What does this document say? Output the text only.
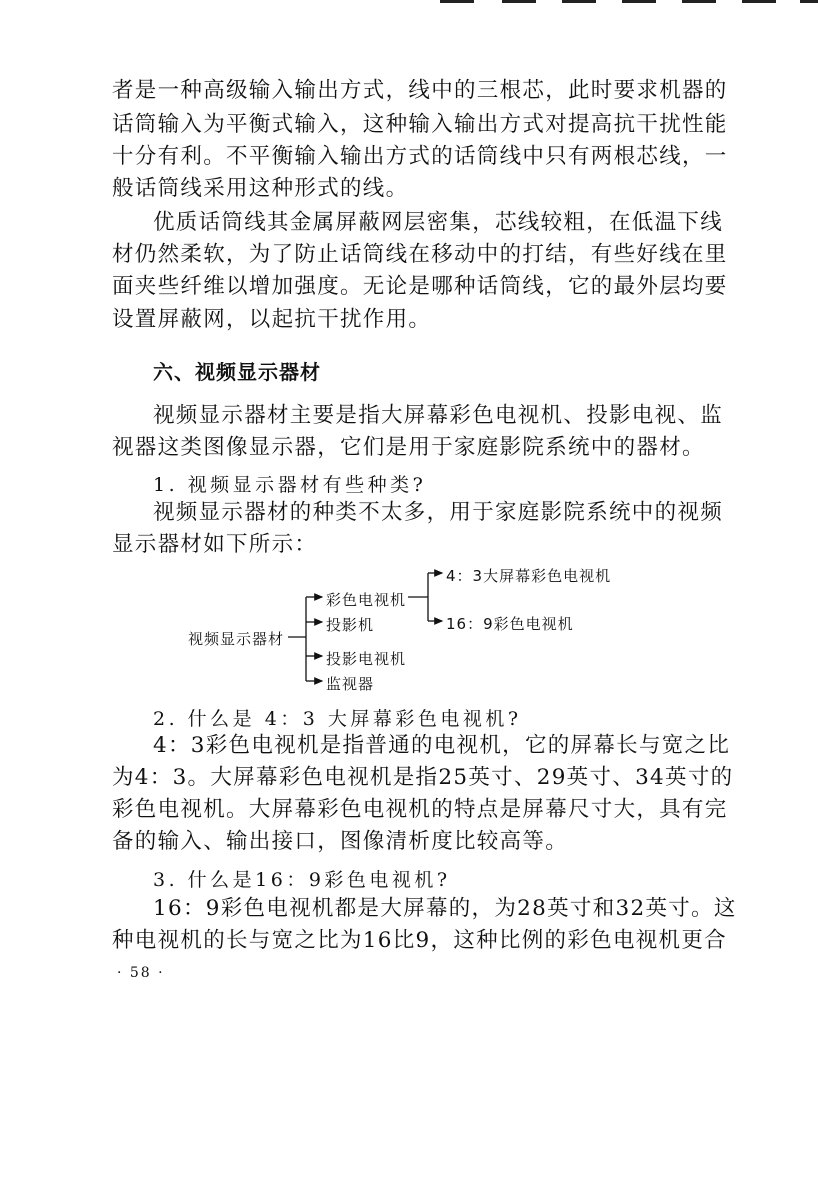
者是一种高级输入输出方式，线中的三根芯，此时要求机器的
话筒输入为平衡式输入，这种输入输出方式对提高抗干扰性能
十分有利。不平衡输入输出方式的话筒线中只有两根芯线，一
般话筒线采用这种形式的线。
优质话筒线其金属屏蔽网层密集，芯线较粗，在低温下线
材仍然柔软，为了防止话筒线在移动中的打结，有些好线在里
面夹些纤维以增加强度。无论是哪种话筒线，它的最外层均要
设置屏蔽网，以起抗干扰作用。
六、视频显示器材
视频显示器材主要是指大屏幕彩色电视机、投影电视、监
视器这类图像显示器，它们是用于家庭影院系统中的器材。
1. 视频显示器材有些种类?
视频显示器材的种类不太多，用于家庭影院系统中的视频
显示器材如下所示：
视频显示器材
彩色电视机
投影机
投影电视机
监视器
4：3大屏幕彩色电视机
16：9彩色电视机
2. 什么是 4：3 大屏幕彩色电视机?
4：3彩色电视机是指普通的电视机，它的屏幕长与宽之比
为4：3。大屏幕彩色电视机是指25英寸、29英寸、34英寸的
彩色电视机。大屏幕彩色电视机的特点是屏幕尺寸大，具有完
备的输入、输出接口，图像清析度比较高等。
3. 什么是16：9彩色电视机?
16：9彩色电视机都是大屏幕的，为28英寸和32英寸。这
种电视机的长与宽之比为16比9，这种比例的彩色电视机更合
· 58 ·
